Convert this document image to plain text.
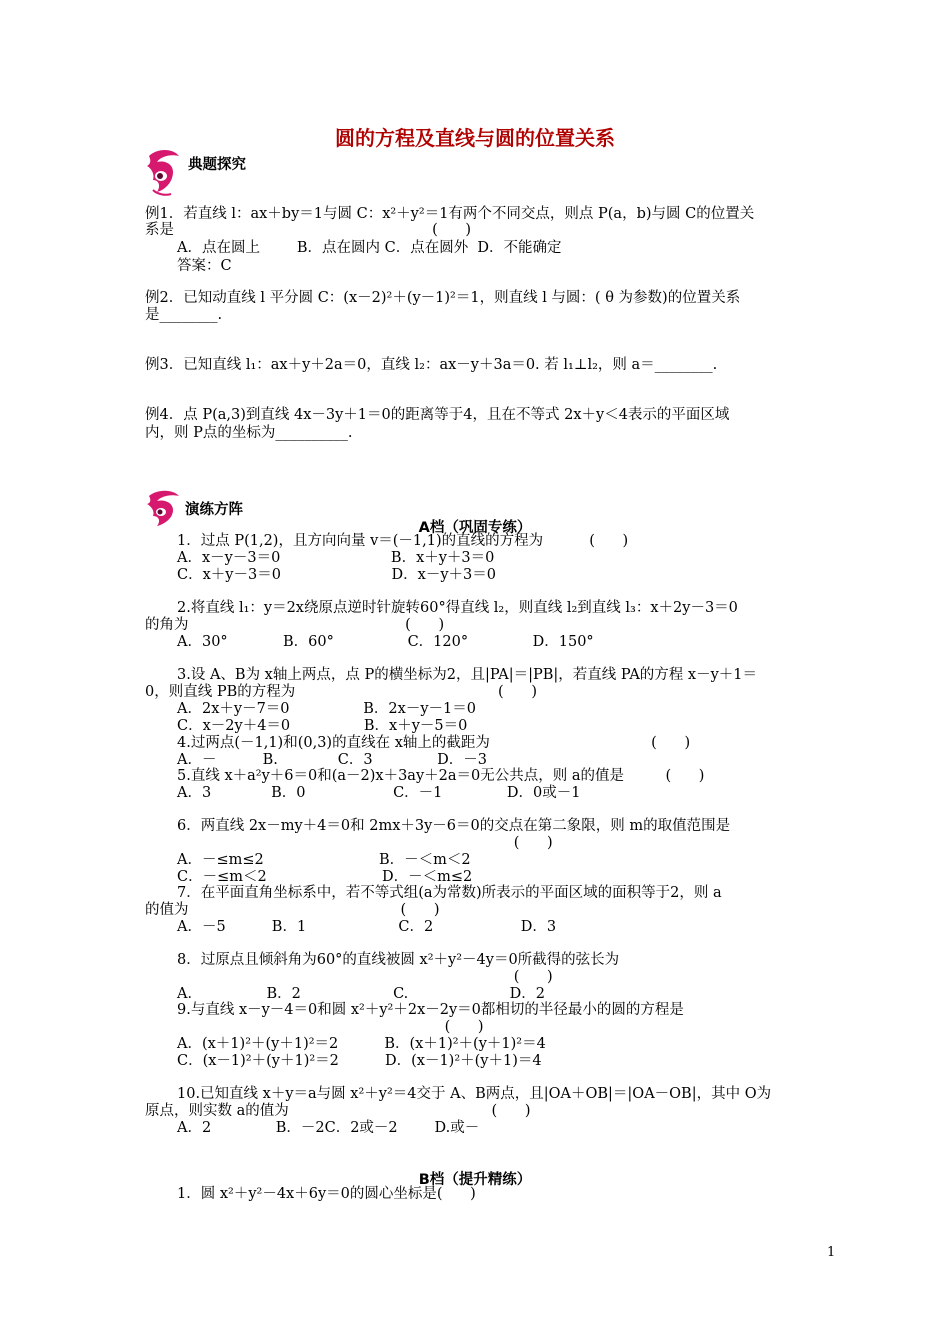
圆的方程及直线与圆的位置关系
典题探究
例1．若直线 l：ax＋by＝1与圆 C：x²＋y²＝1有两个不同交点，则点 P(a，b)与圆 C的位置关
系是                                                        (      )
A．点在圆上        B．点在圆内 C．点在圆外  D．不能确定
答案：C
例2．已知动直线 l 平分圆 C：(x－2)²＋(y－1)²＝1，则直线 l 与圆：( θ 为参数)的位置关系
是________.
例3．已知直线 l₁：ax＋y＋2a＝0，直线 l₂：ax－y＋3a＝0. 若 l₁⊥l₂，则 a＝________.
例4．点 P(a,3)到直线 4x－3y＋1＝0的距离等于4，且在不等式 2x＋y＜4表示的平面区域
内，则 P点的坐标为__________.
演练方阵
A档（巩固专练）
1．过点 P(1,2)，且方向向量 v＝(－1,1)的直线的方程为          (      )
A．x－y－3＝0                        B．x＋y＋3＝0
C．x＋y－3＝0                        D．x－y＋3＝0
2.将直线 l₁：y＝2x绕原点逆时针旋转60°得直线 l₂，则直线 l₂到直线 l₃：x＋2y－3＝0
的角为                                               (      )
A．30°            B．60°                C．120°              D．150°
3.设 A、B为 x轴上两点，点 P的横坐标为2，且|PA|＝|PB|，若直线 PA的方程 x－y＋1＝
0，则直线 PB的方程为                                            (      )
A．2x＋y－7＝0                B．2x－y－1＝0
C．x－2y＋4＝0                B．x＋y－5＝0
4.过两点(－1,1)和(0,3)的直线在 x轴上的截距为                                   (      )
A．－          B.             C．3              D．－3
5.直线 x＋a²y＋6＝0和(a－2)x＋3ay＋2a＝0无公共点，则 a的值是         (      )
A．3             B．0                   C．－1              D．0或－1
6．两直线 2x－my＋4＝0和 2mx＋3y－6＝0的交点在第二象限，则 m的取值范围是
(      )
A．－≤m≤2                         B．－＜m＜2
C．－≤m＜2                         D．－＜m≤2
7．在平面直角坐标系中，若不等式组(a为常数)所表示的平面区域的面积等于2，则 a
的值为                                              (      )
A．－5          B．1                    C．2                   D．3
8．过原点且倾斜角为60°的直线被圆 x²＋y²－4y＝0所截得的弦长为
(      )
A．              B．2                    C.                      D．2
9.与直线 x－y－4＝0和圆 x²＋y²＋2x－2y＝0都相切的半径最小的圆的方程是
(      )
A．(x＋1)²＋(y＋1)²＝2          B．(x＋1)²＋(y＋1)²＝4
C．(x－1)²＋(y＋1)²＝2          D．(x－1)²＋(y＋1)＝4
10.已知直线 x＋y＝a与圆 x²＋y²＝4交于 A、B两点，且|OA＋OB|＝|OA－OB|，其中 O为
原点，则实数 a的值为                                            (      )
A．2              B．－2C．2或－2        D.或－
B档（提升精练）
1．圆 x²＋y²－4x＋6y＝0的圆心坐标是(      )
1
